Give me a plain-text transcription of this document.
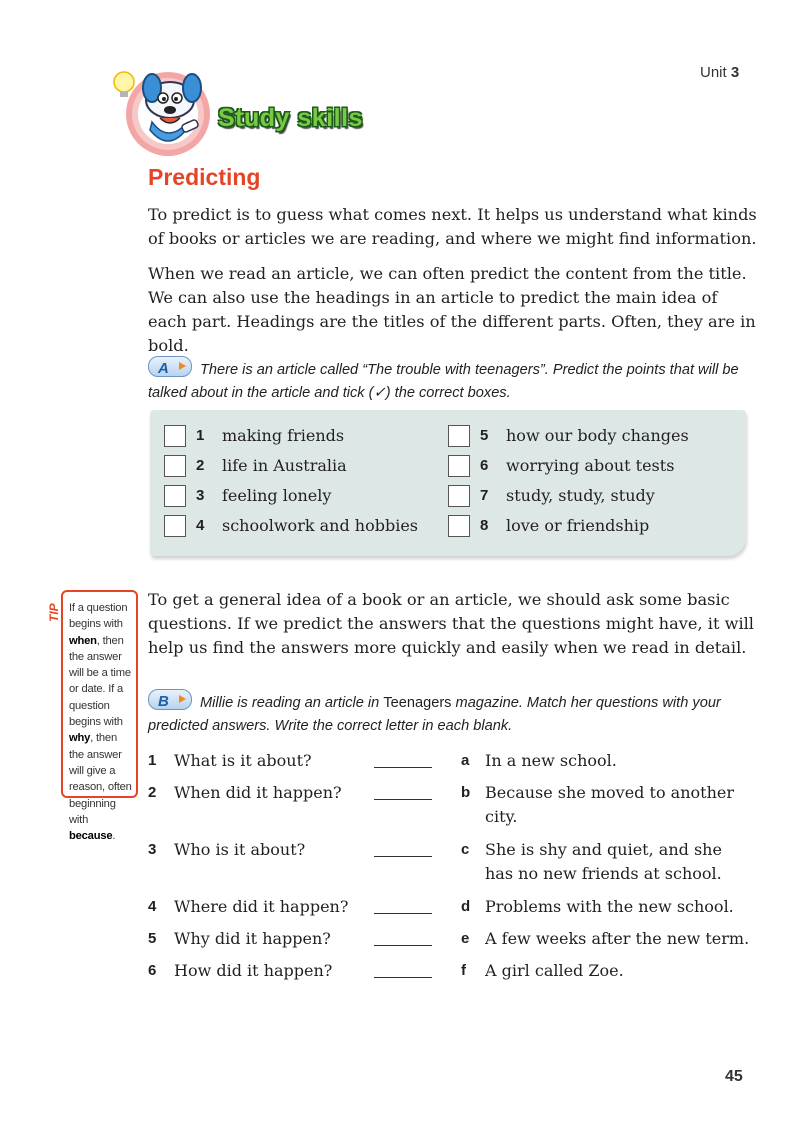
Unit 3
Study skills
Predicting
To predict is to guess what comes next. It helps us understand what kinds of books or articles we are reading, and where we might find information.
When we read an article, we can often predict the content from the title. We can also use the headings in an article to predict the main idea of each part. Headings are the titles of the different parts. Often, they are in bold.
A There is an article called “The trouble with teenagers”. Predict the points that will be talked about in the article and tick (✓) the correct boxes.
1 making friends
2 life in Australia
3 feeling lonely
4 schoolwork and hobbies
5 how our body changes
6 worrying about tests
7 study, study, study
8 love or friendship
TIP If a question begins with when, then the answer will be a time or date. If a question begins with why, then the answer will give a reason, often beginning with because.
To get a general idea of a book or an article, we should ask some basic questions. If we predict the answers that the questions might have, it will help us find the answers more quickly and easily when we read in detail.
B Millie is reading an article in Teenagers magazine. Match her questions with your predicted answers. Write the correct letter in each blank.
1 What is it about?	a In a new school.
2 When did it happen?	b Because she moved to another city.
3 Who is it about?	c She is shy and quiet, and she has no new friends at school.
4 Where did it happen?	d Problems with the new school.
5 Why did it happen?	e A few weeks after the new term.
6 How did it happen?	f A girl called Zoe.
45
